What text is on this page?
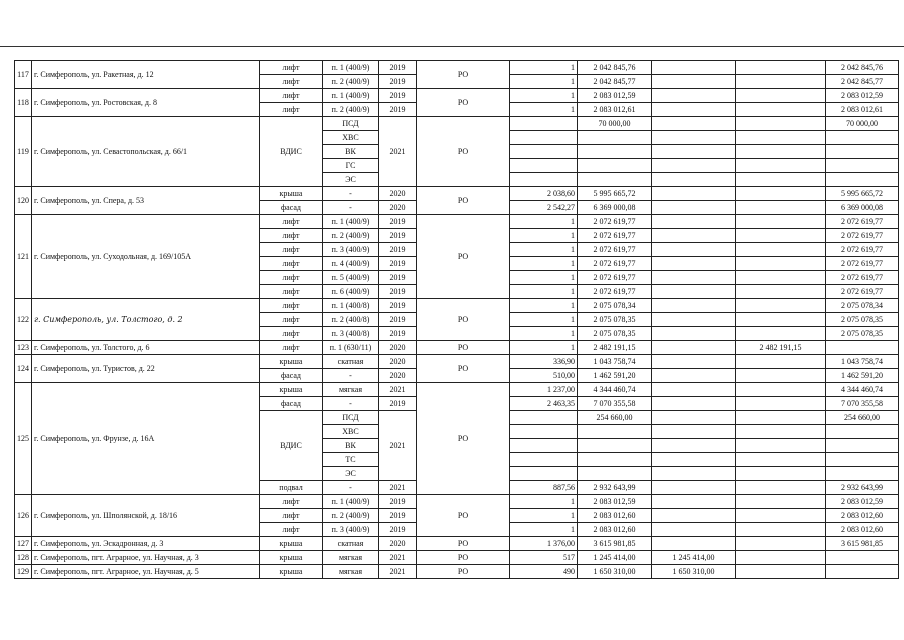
117	г. Симферополь, ул. Ракетная, д. 12	лифт	п. 1 (400/9)	2019	РО	1	2 042 845,76			2 042 845,76
		лифт	п. 2 (400/9)	2019		1	2 042 845,77			2 042 845,77
118	г. Симферополь, ул. Ростовская, д. 8	лифт	п. 1 (400/9)	2019	РО	1	2 083 012,59			2 083 012,59
		лифт	п. 2 (400/9)	2019		1	2 083 012,61			2 083 012,61
119	г. Симферополь, ул. Севастопольская, д. 66/1	ВДИС	ПСД	2021	РО		70 000,00			70 000,00
			ХВС							
			ВК							
			ГС							
			ЭС							
120	г. Симферополь, ул. Спера, д. 53	крыша	-	2020	РО	2 038,60	5 995 665,72			5 995 665,72
		фасад	-	2020		2 542,27	6 369 000,08			6 369 000,08
121	г. Симферополь, ул. Суходольная, д. 169/105А	лифт	п. 1 (400/9)	2019	РО	1	2 072 619,77			2 072 619,77
		лифт	п. 2 (400/9)	2019		1	2 072 619,77			2 072 619,77
		лифт	п. 3 (400/9)	2019		1	2 072 619,77			2 072 619,77
		лифт	п. 4 (400/9)	2019		1	2 072 619,77			2 072 619,77
		лифт	п. 5 (400/9)	2019		1	2 072 619,77			2 072 619,77
		лифт	п. 6 (400/9)	2019		1	2 072 619,77			2 072 619,77
122	г. Симферополь, ул. Толстого, д. 2	лифт	п. 1 (400/8)	2019	РО	1	2 075 078,34			2 075 078,34
		лифт	п. 2 (400/8)	2019		1	2 075 078,35			2 075 078,35
		лифт	п. 3 (400/8)	2019		1	2 075 078,35			2 075 078,35
123	г. Симферополь, ул. Толстого, д. 6	лифт	п. 1 (630/11)	2020	РО	1	2 482 191,15		2 482 191,15	
124	г. Симферополь, ул. Туристов, д. 22	крыша	скатная	2020	РО	336,90	1 043 758,74			1 043 758,74
		фасад	-	2020		510,00	1 462 591,20			1 462 591,20
125	г. Симферополь, ул. Фрунзе, д. 16А	крыша	мягкая	2021	РО	1 237,00	4 344 460,74			4 344 460,74
		фасад	-	2019		2 463,35	7 070 355,58			7 070 355,58
		ВДИС	ПСД	2021			254 660,00			254 660,00
			ХВС							
			ВК							
			ТС							
			ЭС							
		подвал	-	2021		887,56	2 932 643,99			2 932 643,99
126	г. Симферополь, ул. Шполянской, д. 18/16	лифт	п. 1 (400/9)	2019	РО	1	2 083 012,59			2 083 012,59
		лифт	п. 2 (400/9)	2019		1	2 083 012,60			2 083 012,60
		лифт	п. 3 (400/9)	2019		1	2 083 012,60			2 083 012,60
127	г. Симферополь, ул. Эскадронная, д. 3	крыша	скатная	2020	РО	1 376,00	3 615 981,85			3 615 981,85
128	г. Симферополь, пгт. Аграрное, ул. Научная, д. 3	крыша	мягкая	2021	РО	517	1 245 414,00	1 245 414,00		
129	г. Симферополь, пгт. Аграрное, ул. Научная, д. 5	крыша	мягкая	2021	РО	490	1 650 310,00	1 650 310,00		
